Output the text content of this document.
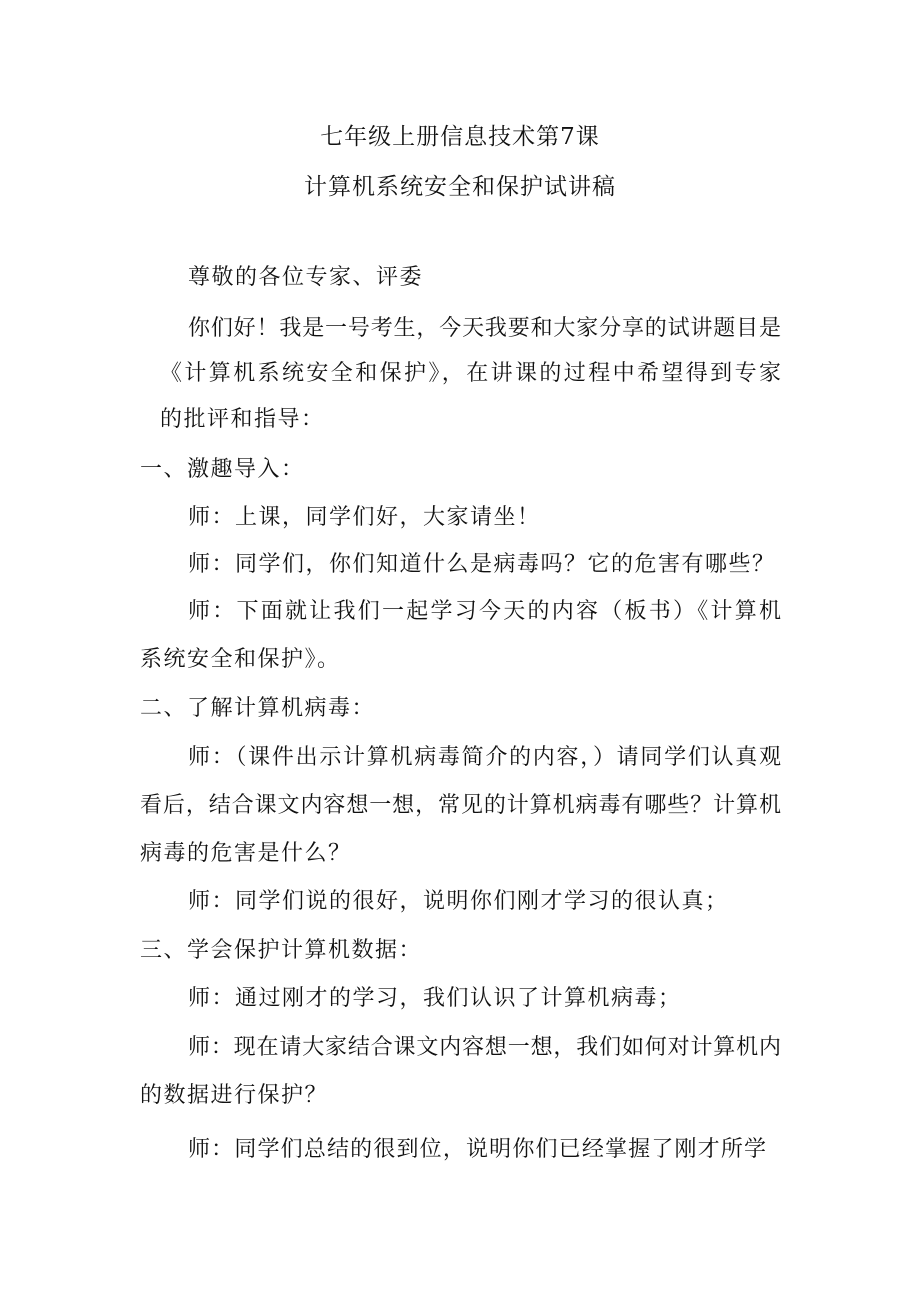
七年级上册信息技术第7课
计算机系统安全和保护试讲稿
尊敬的各位专家、评委
你们好！我是一号考生，今天我要和大家分享的试讲题目是
《计算机系统安全和保护》，在讲课的过程中希望得到专家
的批评和指导：
一、激趣导入：
师：上课，同学们好，大家请坐！
师：同学们，你们知道什么是病毒吗？它的危害有哪些？
师：下面就让我们一起学习今天的内容（板书）《计算机
系统安全和保护》。
二、了解计算机病毒：
师：（课件出示计算机病毒简介的内容，）请同学们认真观
看后，结合课文内容想一想，常见的计算机病毒有哪些？计算机
病毒的危害是什么？
师：同学们说的很好，说明你们刚才学习的很认真；
三、学会保护计算机数据：
师：通过刚才的学习，我们认识了计算机病毒；
师：现在请大家结合课文内容想一想，我们如何对计算机内
的数据进行保护？
师：同学们总结的很到位，说明你们已经掌握了刚才所学
